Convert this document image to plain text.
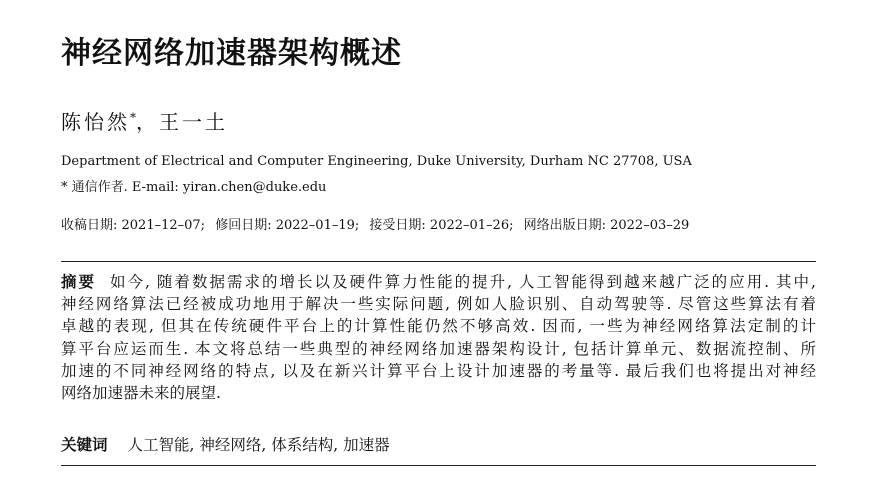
神经网络加速器架构概述
陈怡然*，王一土
Department of Electrical and Computer Engineering, Duke University, Durham NC 27708, USA
* 通信作者. E-mail: yiran.chen@duke.edu
收稿日期: 2021–12–07; 修回日期: 2022–01–19; 接受日期: 2022–01–26; 网络出版日期: 2022–03–29
摘要 如今, 随着数据需求的增长以及硬件算力性能的提升, 人工智能得到越来越广泛的应用. 其中,
神经网络算法已经被成功地用于解决一些实际问题, 例如人脸识别、自动驾驶等. 尽管这些算法有着
卓越的表现, 但其在传统硬件平台上的计算性能仍然不够高效. 因而, 一些为神经网络算法定制的计
算平台应运而生. 本文将总结一些典型的神经网络加速器架构设计, 包括计算单元、数据流控制、所
加速的不同神经网络的特点, 以及在新兴计算平台上设计加速器的考量等. 最后我们也将提出对神经
网络加速器未来的展望.
关键词 人工智能, 神经网络, 体系结构, 加速器
